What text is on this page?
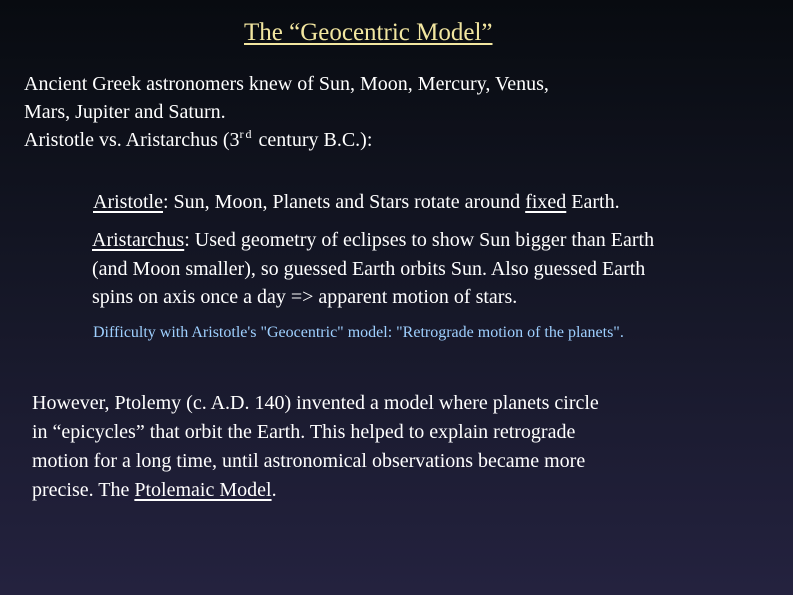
The “Geocentric Model”
Ancient Greek astronomers knew of Sun, Moon, Mercury, Venus,
Mars, Jupiter and Saturn.
Aristotle vs. Aristarchus (3rd century B.C.):
Aristotle: Sun, Moon, Planets and Stars rotate around fixed Earth.
Aristarchus: Used geometry of eclipses to show Sun bigger than Earth
(and Moon smaller), so guessed Earth orbits Sun. Also guessed Earth
spins on axis once a day => apparent motion of stars.
Difficulty with Aristotle's "Geocentric" model: "Retrograde motion of the planets".
However, Ptolemy (c. A.D. 140) invented a model where planets circle
in “epicycles” that orbit the Earth. This helped to explain retrograde
motion for a long time, until astronomical observations became more
precise. The Ptolemaic Model.
